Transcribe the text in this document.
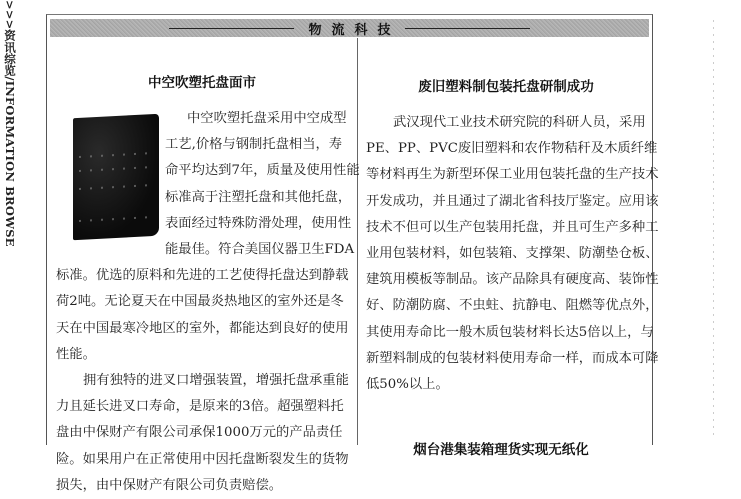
>>>资讯综览/INFORMATION BROWSE	物流科技
中空吹塑托盘面市
中空吹塑托盘采用中空成型
工艺,价格与钢制托盘相当，寿
命平均达到7年，质量及使用性能
标准高于注塑托盘和其他托盘，
表面经过特殊防滑处理，使用性
能最佳。符合美国仪器卫生FDA
标准。优选的原料和先进的工艺使得托盘达到静载
荷2吨。无论夏天在中国最炎热地区的室外还是冬
天在中国最寒冷地区的室外，都能达到良好的使用
性能。
拥有独特的进叉口增强装置，增强托盘承重能
力且延长进叉口寿命，是原来的3倍。超强塑料托
盘由中保财产有限公司承保1000万元的产品责任
险。如果用户在正常使用中因托盘断裂发生的货物
损失，由中保财产有限公司负责赔偿。
废旧塑料制包装托盘研制成功
武汉现代工业技术研究院的科研人员，采用
PE、PP、PVC废旧塑料和农作物秸秆及木质纤维
等材料再生为新型环保工业用包装托盘的生产技术
开发成功，并且通过了湖北省科技厅鉴定。应用该
技术不但可以生产包装用托盘，并且可生产多种工
业用包装材料，如包装箱、支撑架、防潮垫仓板、
建筑用模板等制品。该产品除具有硬度高、装饰性
好、防潮防腐、不虫蛀、抗静电、阻燃等优点外，
其使用寿命比一般木质包装材料长达5倍以上，与
新塑料制成的包装材料使用寿命一样，而成本可降
低50%以上。
烟台港集装箱理货实现无纸化
